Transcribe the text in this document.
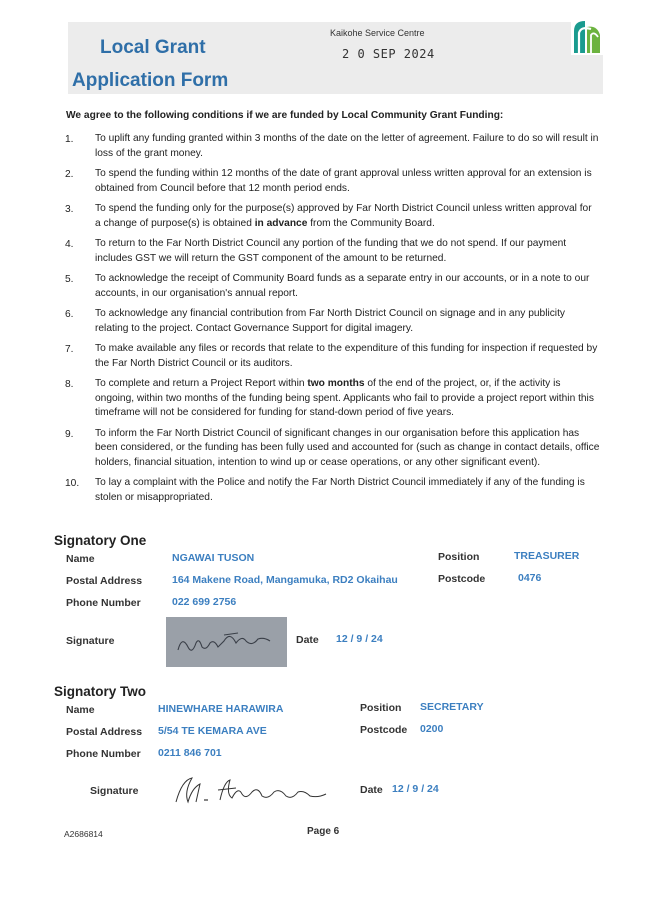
Local Grant
Application Form
Kaikohe Service Centre
2 0 SEP 2024
We agree to the following conditions if we are funded by Local Community Grant Funding:
1. To uplift any funding granted within 3 months of the date on the letter of agreement. Failure to do so will result in loss of the grant money.
2. To spend the funding within 12 months of the date of grant approval unless written approval for an extension is obtained from Council before that 12 month period ends.
3. To spend the funding only for the purpose(s) approved by Far North District Council unless written approval for a change of purpose(s) is obtained in advance from the Community Board.
4. To return to the Far North District Council any portion of the funding that we do not spend. If our payment includes GST we will return the GST component of the amount to be returned.
5. To acknowledge the receipt of Community Board funds as a separate entry in our accounts, or in a note to our accounts, in our organisation's annual report.
6. To acknowledge any financial contribution from Far North District Council on signage and in any publicity relating to the project. Contact Governance Support for digital imagery.
7. To make available any files or records that relate to the expenditure of this funding for inspection if requested by the Far North District Council or its auditors.
8. To complete and return a Project Report within two months of the end of the project, or, if the activity is ongoing, within two months of the funding being spent. Applicants who fail to provide a project report within this timeframe will not be considered for funding for stand-down period of five years.
9. To inform the Far North District Council of significant changes in our organisation before this application has been considered, or the funding has been fully used and accounted for (such as change in contact details, office holders, financial situation, intention to wind up or cease operations, or any other significant event).
10. To lay a complaint with the Police and notify the Far North District Council immediately if any of the funding is stolen or misappropriated.
Signatory One
Name	NGAWAI TUSON	Position	TREASURER
Postal Address	164 Makene Road, Mangamuka, RD2 Okaihau	Postcode	0476
Phone Number	022 699 2756
Signature	Date 12 / 9 / 24
Signatory Two
Name	HINEWHARE HARAWIRA	Position SECRETARY
Postal Address 5/54 TE KEMARA AVE	Postcode 0200
Phone Number 0211 846 701
Signature	Date 12 / 9 / 24
A2686814	Page 6
